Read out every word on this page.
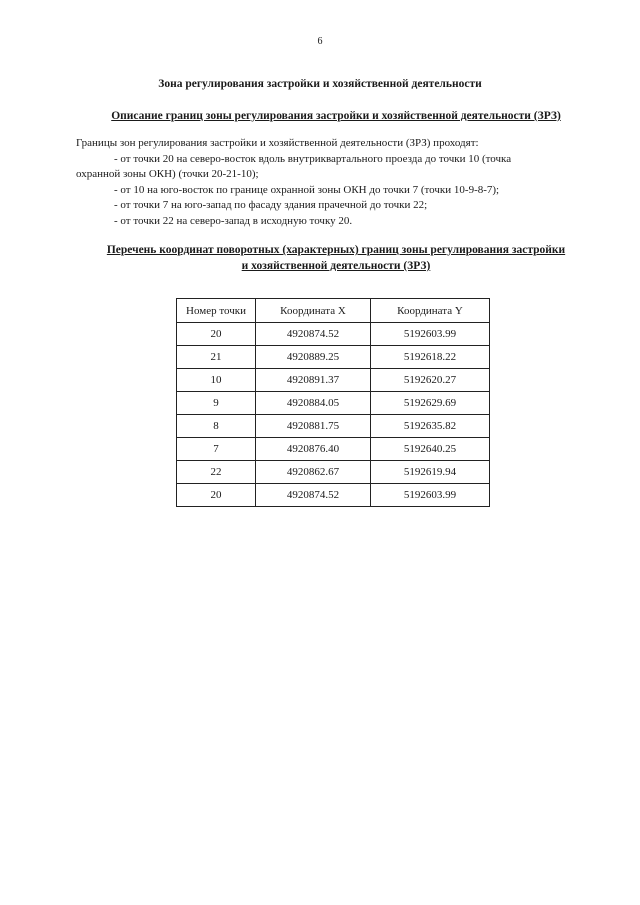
6
Зона регулирования застройки и хозяйственной деятельности
Описание границ зоны регулирования застройки и хозяйственной деятельности (ЗРЗ)

Границы зон регулирования застройки и хозяйственной деятельности (ЗРЗ) проходят:

- от точки 20 на северо-восток вдоль внутриквартального проезда до точки 10 (точка

охранной зоны ОКН) (точки 20-21-10);

- от 10 на юго-восток по границе охранной зоны ОКН до точки 7 (точки 10-9-8-7);

- от точки 7 на юго-запад по фасаду здания прачечной до точки 22;

- от точки 22 на северо-запад в исходную точку 20.

Перечень координат поворотных (характерных) границ зоны регулирования застройки
и хозяйственной деятельности (ЗРЗ)
Номер точки	Координата X	Координата Y
20	4920874.52	5192603.99
21	4920889.25	5192618.22
10	4920891.37	5192620.27
9	4920884.05	5192629.69
8	4920881.75	5192635.82
7	4920876.40	5192640.25
22	4920862.67	5192619.94
20	4920874.52	5192603.99
